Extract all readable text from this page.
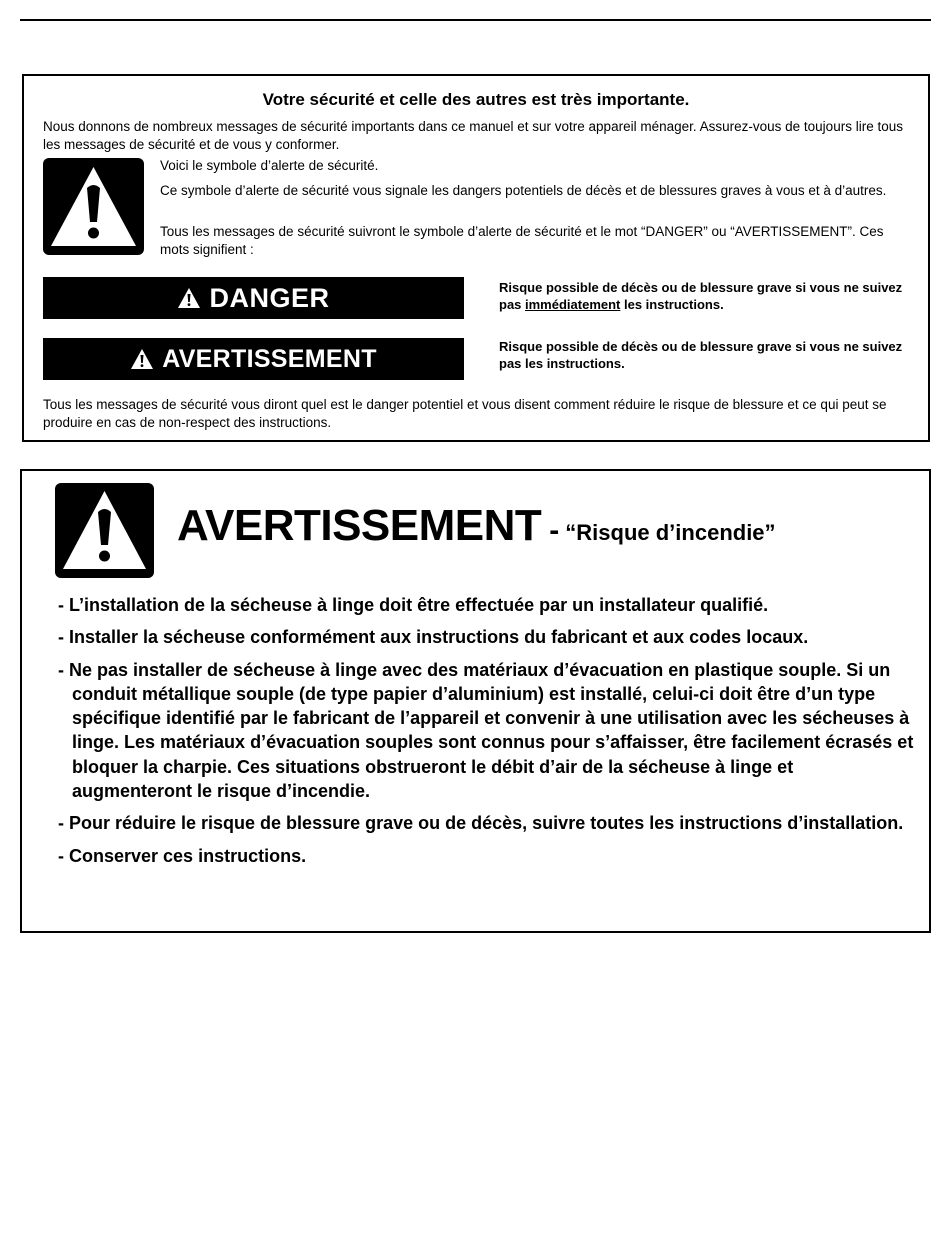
Votre sécurité et celle des autres est très importante.
Nous donnons de nombreux messages de sécurité importants dans ce manuel et sur votre appareil ménager. Assurez-vous de toujours lire tous les messages de sécurité et de vous y conformer.
Voici le symbole d’alerte de sécurité.
Ce symbole d’alerte de sécurité vous signale les dangers potentiels de décès et de blessures graves à vous et à d’autres.
Tous les messages de sécurité suivront le symbole d’alerte de sécurité et le mot “DANGER” ou “AVERTISSEMENT”. Ces mots signifient :
DANGER	Risque possible de décès ou de blessure grave si vous ne suivez pas immédiatement les instructions.
AVERTISSEMENT	Risque possible de décès ou de blessure grave si vous ne suivez pas les instructions.
Tous les messages de sécurité vous diront quel est le danger potentiel et vous disent comment réduire le risque de blessure et ce qui peut se produire en cas de non-respect des instructions.
AVERTISSEMENT - “Risque d’incendie”
- L’installation de la sécheuse à linge doit être effectuée par un installateur qualifié.
- Installer la sécheuse conformément aux instructions du fabricant et aux codes locaux.
- Ne pas installer de sécheuse à linge avec des matériaux d’évacuation en plastique souple. Si un conduit métallique souple (de type papier d’aluminium) est installé, celui-ci doit être d’un type spécifique identifié par le fabricant de l’appareil et convenir à une utilisation avec les sécheuses à linge. Les matériaux d’évacuation souples sont connus pour s’affaisser, être facilement écrasés et bloquer la charpie. Ces situations obstrueront le débit d’air de la sécheuse à linge et augmenteront le risque d’incendie.
- Pour réduire le risque de blessure grave ou de décès, suivre toutes les instructions d’installation.
- Conserver ces instructions.
